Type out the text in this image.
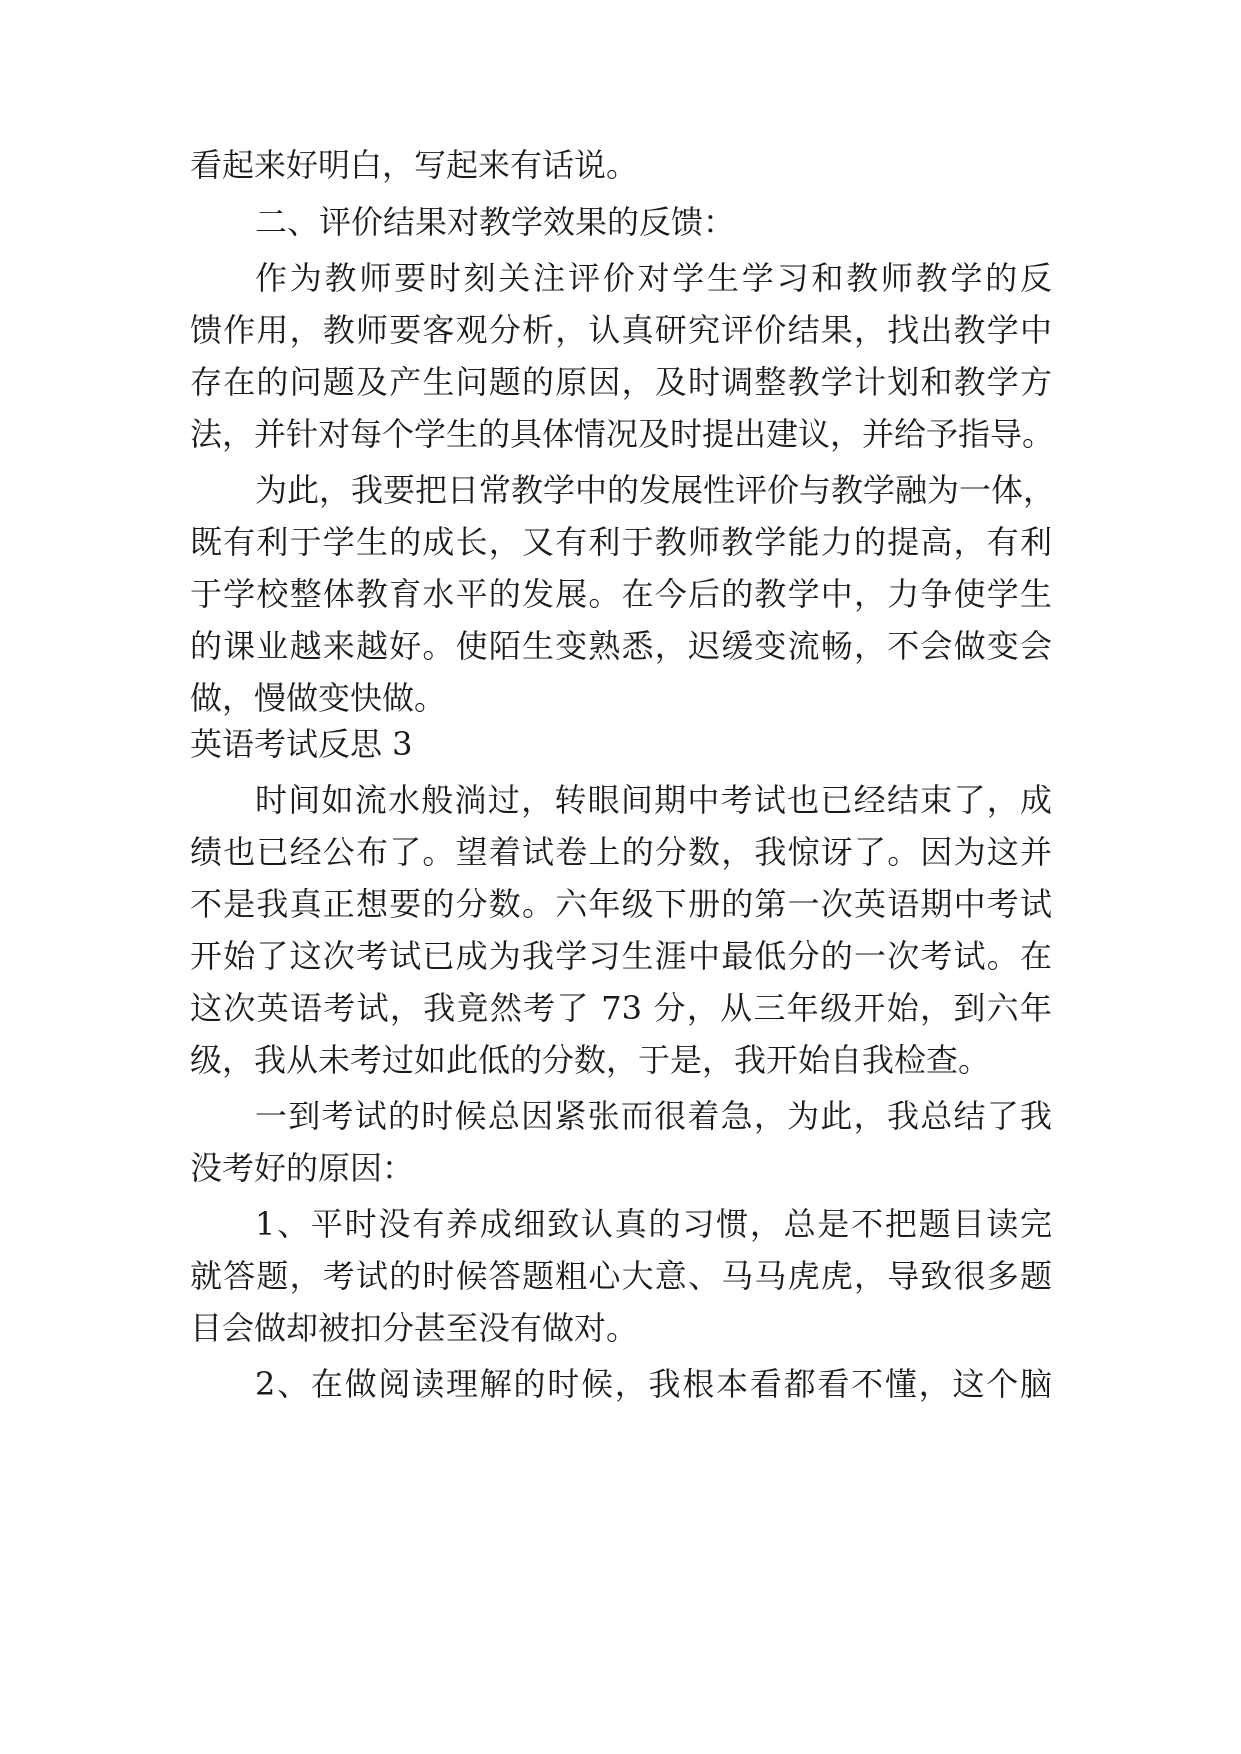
看起来好明白，写起来有话说。
二、评价结果对教学效果的反馈：
作为教师要时刻关注评价对学生学习和教师教学的反
馈作用，教师要客观分析，认真研究评价结果，找出教学中
存在的问题及产生问题的原因，及时调整教学计划和教学方
法，并针对每个学生的具体情况及时提出建议，并给予指导。
为此，我要把日常教学中的发展性评价与教学融为一体，
既有利于学生的成长，又有利于教师教学能力的提高，有利
于学校整体教育水平的发展。在今后的教学中，力争使学生
的课业越来越好。使陌生变熟悉，迟缓变流畅，不会做变会
做，慢做变快做。
英语考试反思 3
时间如流水般淌过，转眼间期中考试也已经结束了，成
绩也已经公布了。望着试卷上的分数，我惊讶了。因为这并
不是我真正想要的分数。六年级下册的第一次英语期中考试
开始了这次考试已成为我学习生涯中最低分的一次考试。在
这次英语考试，我竟然考了 73 分，从三年级开始，到六年
级，我从未考过如此低的分数，于是，我开始自我检查。
一到考试的时候总因紧张而很着急，为此，我总结了我
没考好的原因：
1、平时没有养成细致认真的习惯，总是不把题目读完
就答题，考试的时候答题粗心大意、马马虎虎，导致很多题
目会做却被扣分甚至没有做对。
2、在做阅读理解的时候，我根本看都看不懂，这个脑
